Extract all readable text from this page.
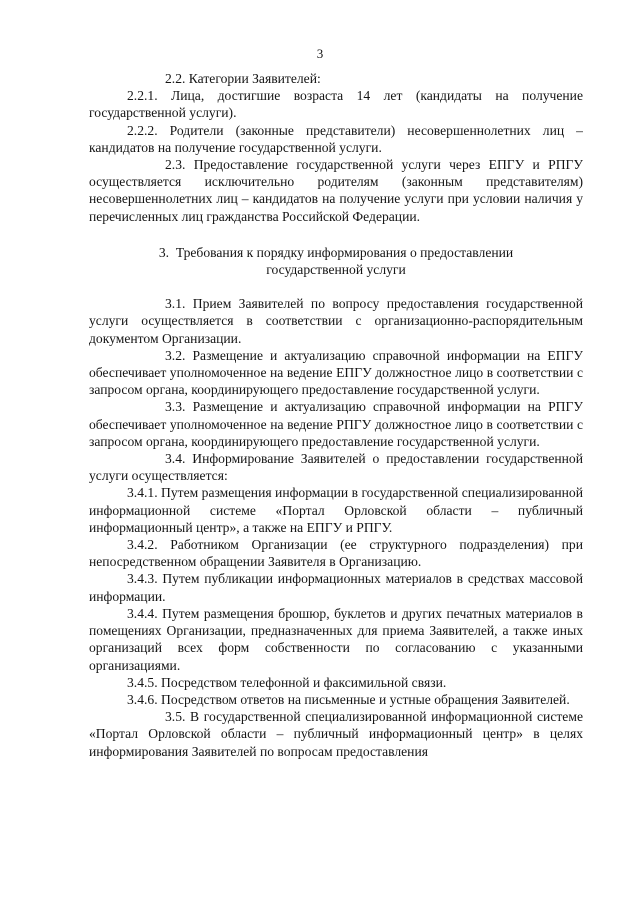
3

2.2. Категории Заявителей:

2.2.1. Лица, достигшие возраста 14 лет (кандидаты на получение государственной услуги).

2.2.2. Родители (законные представители) несовершеннолетних лиц – кандидатов на получение государственной услуги.

2.3. Предоставление государственной услуги через ЕПГУ и РПГУ осуществляется исключительно родителям (законным представителям) несовершеннолетних лиц – кандидатов на получение услуги при условии наличия у перечисленных лиц гражданства Российской Федерации.

3. Требования к порядку информирования о предоставлении государственной услуги

3.1. Прием Заявителей по вопросу предоставления государственной услуги осуществляется в соответствии с организационно-распорядительным документом Организации.

3.2. Размещение и актуализацию справочной информации на ЕПГУ обеспечивает уполномоченное на ведение ЕПГУ должностное лицо в соответствии с запросом органа, координирующего предоставление государственной услуги.

3.3. Размещение и актуализацию справочной информации на РПГУ обеспечивает уполномоченное на ведение РПГУ должностное лицо в соответствии с запросом органа, координирующего предоставление государственной услуги.

3.4. Информирование Заявителей о предоставлении государственной услуги осуществляется:

3.4.1. Путем размещения информации в государственной специализированной информационной системе «Портал Орловской области – публичный информационный центр», а также на ЕПГУ и РПГУ.

3.4.2. Работником Организации (ее структурного подразделения) при непосредственном обращении Заявителя в Организацию.

3.4.3. Путем публикации информационных материалов в средствах массовой информации.

3.4.4. Путем размещения брошюр, буклетов и других печатных материалов в помещениях Организации, предназначенных для приема Заявителей, а также иных организаций всех форм собственности по согласованию с указанными организациями.

3.4.5. Посредством телефонной и факсимильной связи.

3.4.6. Посредством ответов на письменные и устные обращения Заявителей.

3.5. В государственной специализированной информационной системе «Портал Орловской области – публичный информационный центр» в целях информирования Заявителей по вопросам предоставления
